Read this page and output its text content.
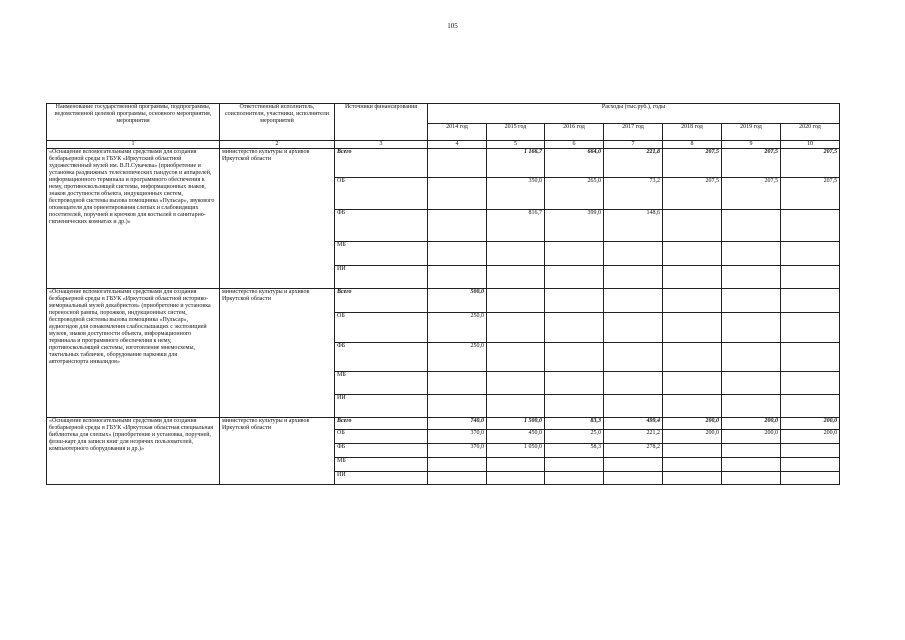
105
Наименование государственной программы, подпрограммы, ведомственной целевой программы, основного мероприятия, мероприятия	Ответственный исполнитель, соисполнители, участники, исполнители мероприятий	Источники финансирования	Расходы (тыс.руб.), годы						
			2014 год	2015 год	2016 год	2017 год	2018 год	2019 год	2020 год
1	2	3	4	5	6	7	8	9	10
«Оснащение вспомогательными средствами для создания безбарьерной среды в ГБУК «Иркутский областной художественный музей им. В.П.Сукачева» (приобретение и установка раздвижных телескопических пандусов и аппарелей, информационного терминала и программного обеспечения к нему, противоскользящей системы, информационных знаков, знаков доступности объекта, индукционных систем, беспроводной системы вызова помощника «Пульсар», звукового оповещателя для ориентирования слепых и слабовидящих посетителей, поручней и крючков для костылей в санитарно-гигиенических комнатах и др.)»	министерство культуры и архивов Иркутской области	Всего		1 166,7	664,0	221,8	207,5	207,5	207,5
		ОБ		350,0	265,0	73,2	207,5	207,5	207,5
		ФБ		816,7	399,0	148,6			
		МБ							
		ИИ							
«Оснащение вспомогательными средствами для создания безбарьерной среды в ГБУК «Иркутский областной историко-мемориальный музей декабристов» (приобретение и установка переносной рампы, порожков, индукционных систем, беспроводной системы вызова помощника «Пульсар», аудиогидов для ознакомления слабослышащих с экспозицией музеев, знаков доступности объекта, информационного терминала и программного обеспечения к нему, противоскользящей системы, изготовление мнемосхемы, тактильных табличек, оборудование парковки для автотранспорта инвалидов»	министерство культуры и архивов Иркутской области	Всего	500,0						
		ОБ	250,0						
		ФБ	250,0						
		МБ							
		ИИ							
«Оснащение вспомогательными средствами для создания безбарьерной среды в ГБУК «Иркутская областная специальная библиотека для слепых» (приобретение и установка, поручней, флэш-карт для записи книг для незрячих пользователей, компьютерного оборудования и др.)»	министерство культуры и архивов Иркутской области	Всего	740,0	1 500,0	83,3	499,4	200,0	200,0	200,0
		ОБ	370,0	450,0	25,0	221,2	200,0	200,0	200,0
		ФБ	370,0	1 050,0	58,3	278,2			
		МБ							
		ИИ							
